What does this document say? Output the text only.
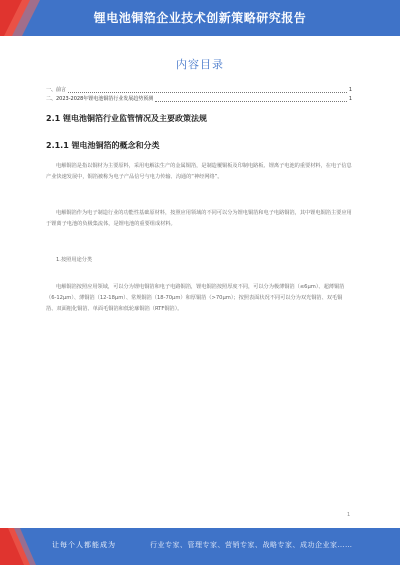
锂电池铜箔企业技术创新策略研究报告
内容目录
一、前言	1
二、2023-2028年锂电池铜箔行业发展趋势预测	1
2.1 锂电池铜箔行业监管情况及主要政策法规
2.1.1 锂电池铜箔的概念和分类
电解铜箔是指以铜材为主要原料，采用电解法生产的金属铜箔，是制造覆铜板及印制电路板、锂离子电池的重要材料，在电子信息产业快速发展中，铜箔被称为电子产品信号与电力传输、沟通的“神经网络”。
电解铜箔作为电子制造行业的功能性基础原材料，按照应用领域的不同可以分为锂电铜箔和电子电路铜箔，其中锂电铜箔主要应用于锂离子电池的负极集流体，是锂电池的重要组成材料。
1.按照用途分类
电解铜箔按照应用领域，可以分为锂电铜箔和电子电路铜箔，锂电铜箔按照厚度不同，可以分为极薄铜箔（≤6μm）、超薄铜箔（6-12μm）、薄铜箔（12-18μm）、常规铜箔（18-70μm）和厚铜箔（>70μm）；按照表面状况不同可以分为双光铜箔、双毛铜箔、双面粗化铜箔、单面毛铜箔和低轮廓铜箔（RTF铜箔）。
1
让每个人都能成为	行业专家、管理专家、营销专家、战略专家、成功企业家……
